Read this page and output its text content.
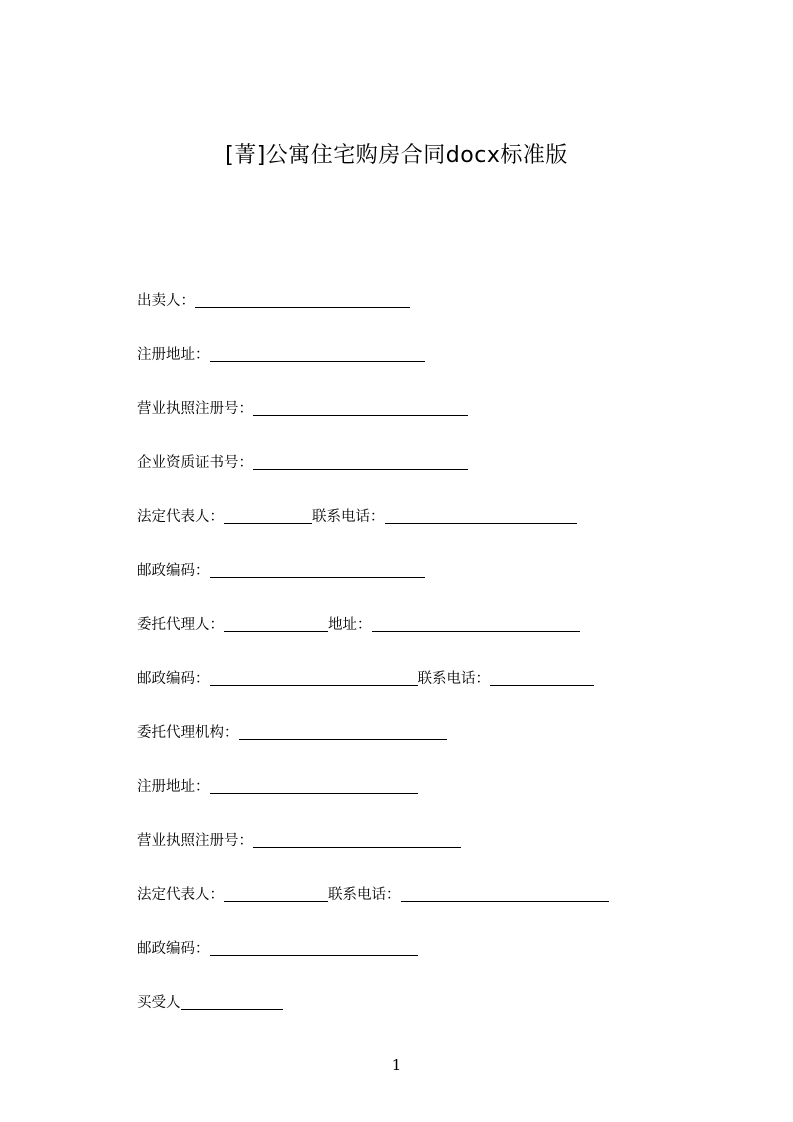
[菁]公寓住宅购房合同docx标准版
出卖人：
注册地址：
营业执照注册号：
企业资质证书号：
法定代表人：	联系电话：
邮政编码：
委托代理人：	地址：
邮政编码：	联系电话：
委托代理机构：
注册地址：
营业执照注册号：
法定代表人：	联系电话：
邮政编码：
买受人
1
